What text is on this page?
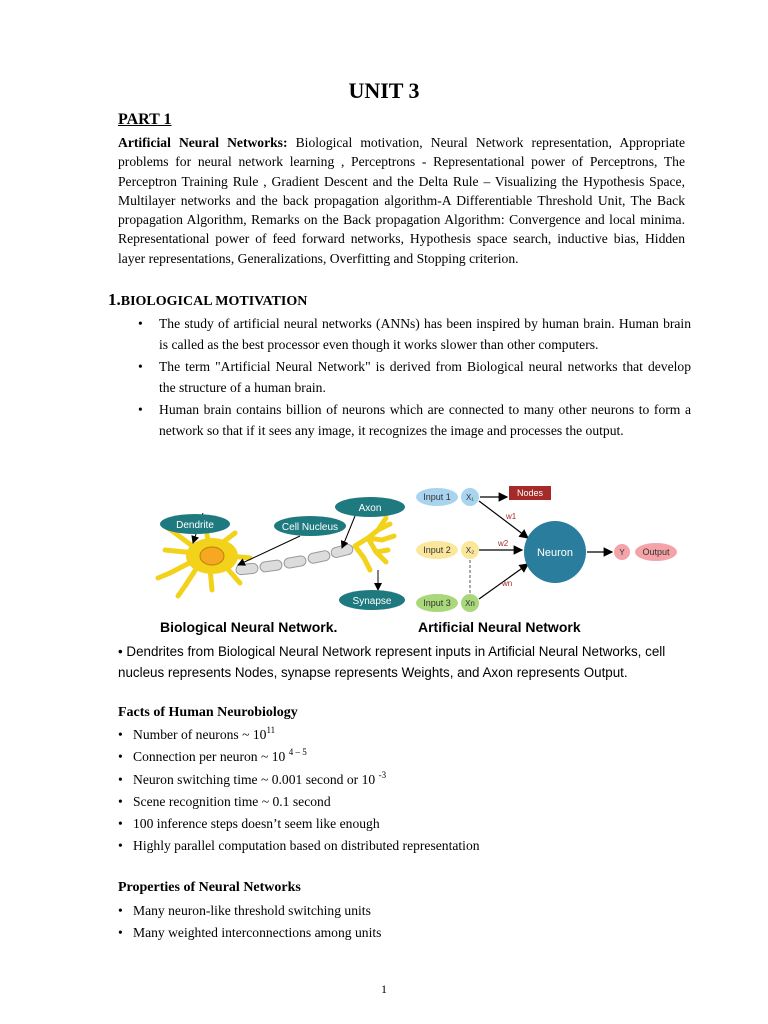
UNIT 3
PART 1
Artificial Neural Networks: Biological motivation, Neural Network representation, Appropriate problems for neural network learning , Perceptrons - Representational power of Perceptrons, The Perceptron Training Rule , Gradient Descent and the Delta Rule – Visualizing the Hypothesis Space, Multilayer networks and the back propagation algorithm-A Differentiable Threshold Unit, The Back propagation Algorithm, Remarks on the Back propagation Algorithm: Convergence and local minima. Representational power of feed forward networks, Hypothesis space search, inductive bias, Hidden layer representations, Generalizations, Overfitting and Stopping criterion.
1.BIOLOGICAL MOTIVATION
• The study of artificial neural networks (ANNs) has been inspired by human brain. Human brain is called as the best processor even though it works slower than other computers.
• The term "Artificial Neural Network" is derived from Biological neural networks that develop the structure of a human brain.
• Human brain contains billion of neurons which are connected to many other neurons to form a network so that if it sees any image, it recognizes the image and processes the output.
Dendrite	Cell Nucleus
Axon
Synapse
Input 1 X₁
Input 2 X₂
Input 3 Xn
Nodes
w1
w2
wn
Neuron	Y Output
Biological Neural Network.	Artificial Neural Network
• Dendrites from Biological Neural Network represent inputs in Artificial Neural Networks, cell nucleus represents Nodes, synapse represents Weights, and Axon represents Output.
Facts of Human Neurobiology
• Number of neurons ~ $10^{11}$
• Connection per neuron ~ 10 $^{4 - 5}$
• Neuron switching time ~ 0.001 second or 10 $^{-3}$
• Scene recognition time ~ 0.1 second
• 100 inference steps doesn’t seem like enough
• Highly parallel computation based on distributed representation
Properties of Neural Networks
• Many neuron-like threshold switching units
• Many weighted interconnections among units
1
